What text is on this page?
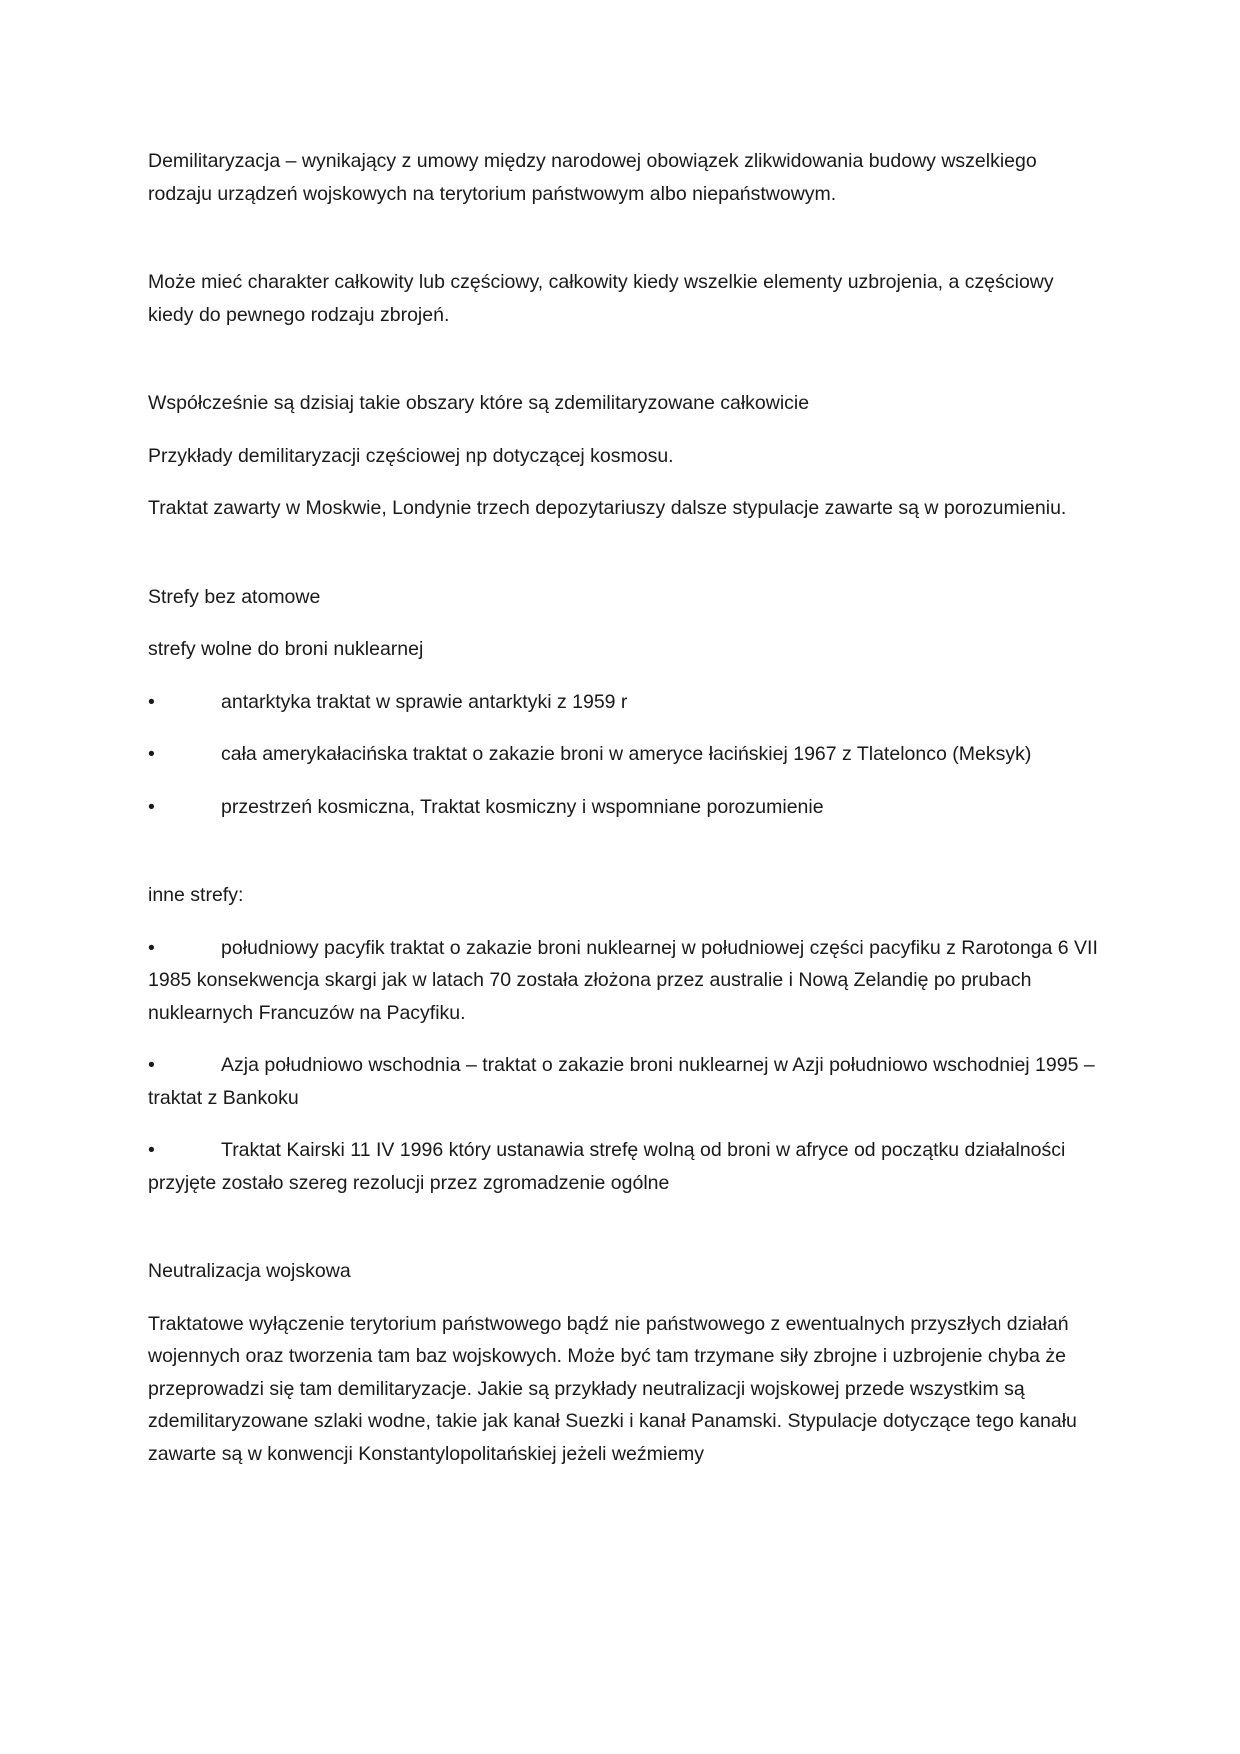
Demilitaryzacja – wynikający z umowy między narodowej obowiązek zlikwidowania budowy wszelkiego rodzaju urządzeń wojskowych na terytorium państwowym albo niepaństwowym.

Może mieć charakter całkowity lub częściowy, całkowity kiedy wszelkie elementy uzbrojenia, a częściowy kiedy do pewnego rodzaju zbrojeń.

Współcześnie są dzisiaj takie obszary które są zdemilitaryzowane całkowicie

Przykłady demilitaryzacji częściowej np dotyczącej kosmosu.

Traktat zawarty w Moskwie, Londynie trzech depozytariuszy dalsze stypulacje zawarte są w porozumieniu.

Strefy bez atomowe

strefy wolne do broni nuklearnej

•	antarktyka traktat w sprawie antarktyki z 1959 r
•	cała amerykałacińska traktat o zakazie broni w ameryce łacińskiej 1967 z Tlatelonco (Meksyk)
•	przestrzeń kosmiczna, Traktat kosmiczny i wspomniane porozumienie

inne strefy:

•	południowy pacyfik traktat o zakazie broni nuklearnej w południowej części pacyfiku z Rarotonga 6 VII 1985 konsekwencja skargi jak w latach 70 została złożona przez australie i Nową Zelandię po prubach nuklearnych Francuzów na Pacyfiku.
•	Azja południowo wschodnia – traktat o zakazie broni nuklearnej w Azji południowo wschodniej 1995 – traktat z Bankoku
•	Traktat Kairski 11 IV 1996 który ustanawia strefę wolną od broni w afryce od początku działalności przyjęte zostało szereg rezolucji przez zgromadzenie ogólne

Neutralizacja wojskowa

Traktatowe wyłączenie terytorium państwowego bądź nie państwowego z ewentualnych przyszłych działań wojennych oraz tworzenia tam baz wojskowych. Może być tam trzymane siły zbrojne i uzbrojenie chyba że przeprowadzi się tam demilitaryzacje. Jakie są przykłady neutralizacji wojskowej przede wszystkim są zdemilitaryzowane szlaki wodne, takie jak kanał Suezki i kanał Panamski. Stypulacje dotyczące tego kanału zawarte są w konwencji Konstantylopolitańskiej jeżeli weźmiemy
